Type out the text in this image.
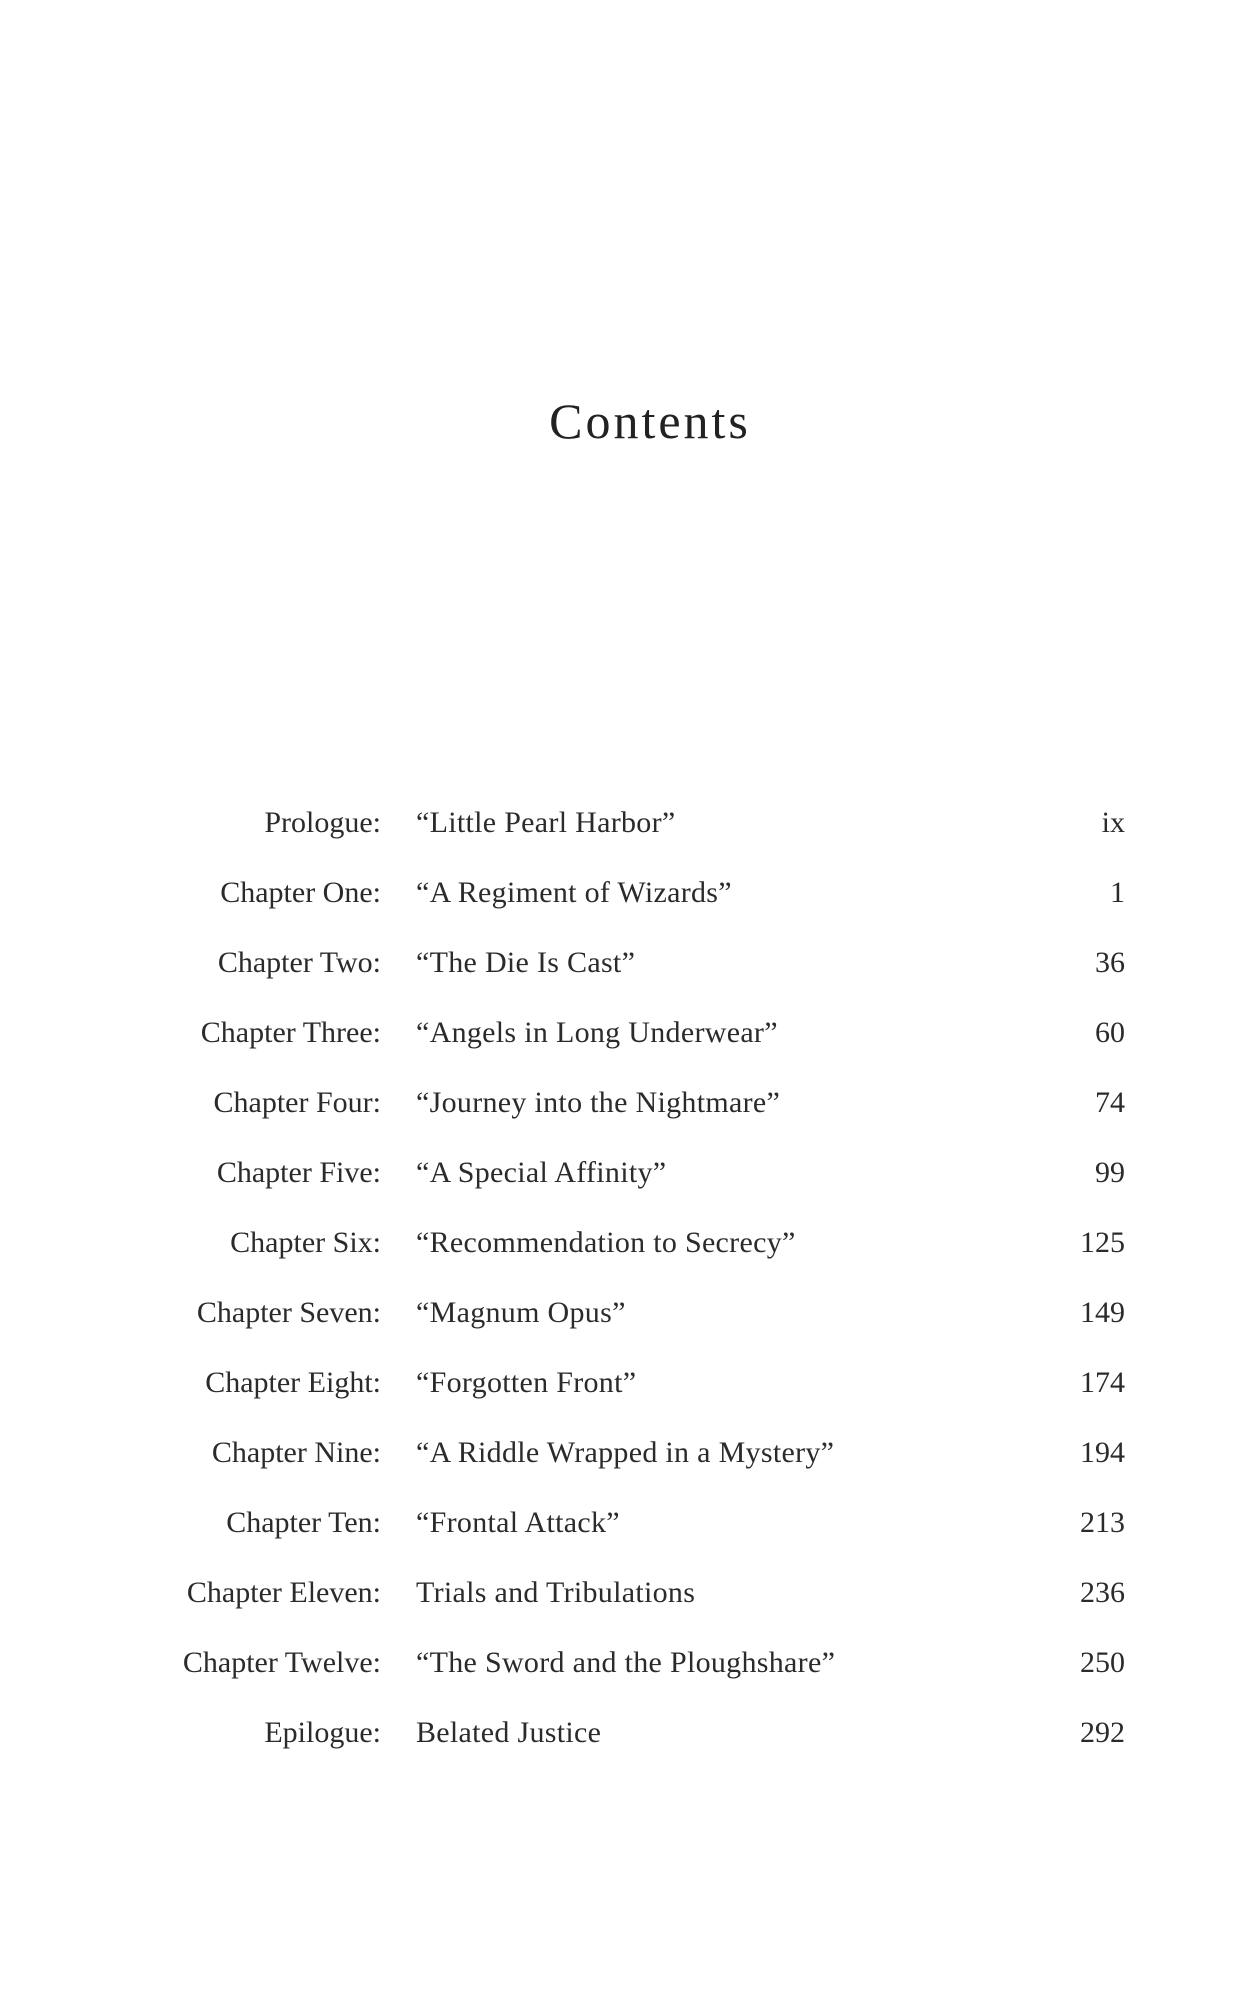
Contents
Prologue: “Little Pearl Harbor”	ix
Chapter One: “A Regiment of Wizards”	1
Chapter Two: “The Die Is Cast”	36
Chapter Three: “Angels in Long Underwear”	60
Chapter Four: “Journey into the Nightmare”	74
Chapter Five: “A Special Affinity”	99
Chapter Six: “Recommendation to Secrecy”	125
Chapter Seven: “Magnum Opus”	149
Chapter Eight: “Forgotten Front”	174
Chapter Nine: “A Riddle Wrapped in a Mystery”	194
Chapter Ten: “Frontal Attack”	213
Chapter Eleven: Trials and Tribulations	236
Chapter Twelve: “The Sword and the Ploughshare”	250
Epilogue: Belated Justice	292
